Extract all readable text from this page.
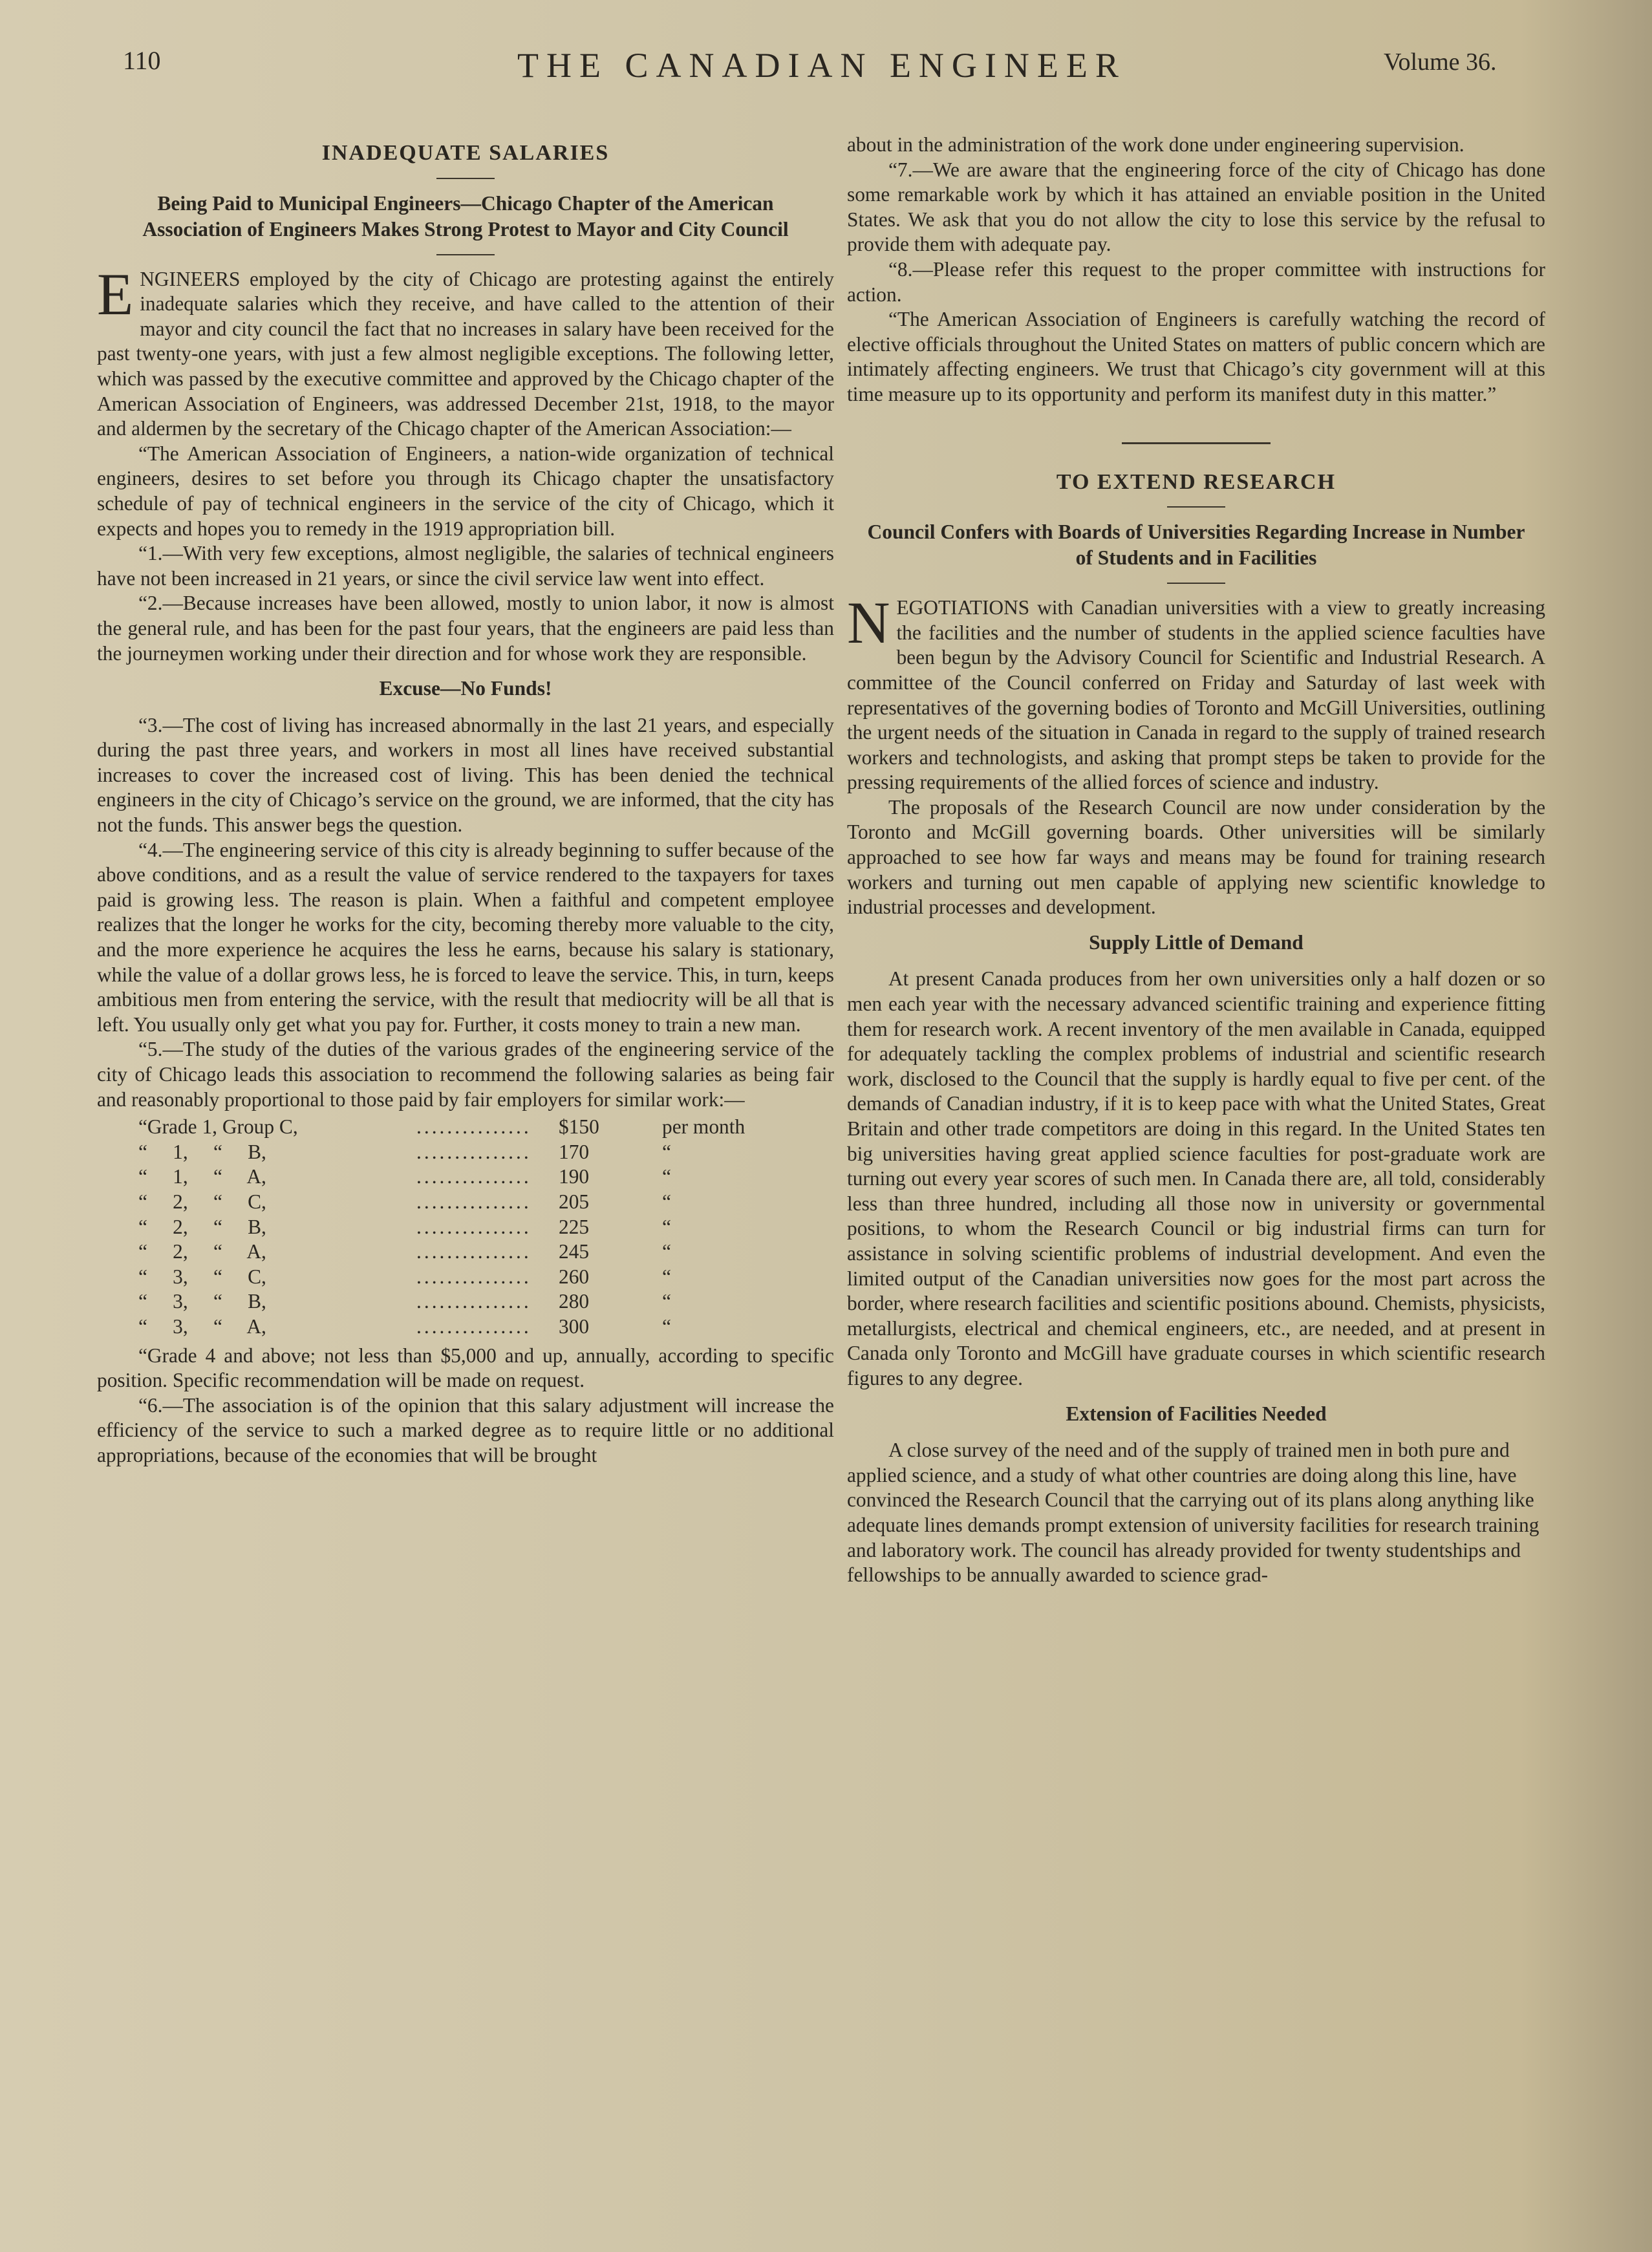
110	THE CANADIAN ENGINEER	Volume 36.
INADEQUATE SALARIES
Being Paid to Municipal Engineers—Chicago Chapter of the American Association of Engineers Makes Strong Protest to Mayor and City Council

ENGINEERS employed by the city of Chicago are protesting against the entirely inadequate salaries which they receive, and have called to the attention of their mayor and city council the fact that no increases in salary have been received for the past twenty-one years, with just a few almost negligible exceptions. The following letter, which was passed by the executive committee and approved by the Chicago chapter of the American Association of Engineers, was addressed December 21st, 1918, to the mayor and aldermen by the secretary of the Chicago chapter of the American Association:—

“The American Association of Engineers, a nation-wide organization of technical engineers, desires to set before you through its Chicago chapter the unsatisfactory schedule of pay of technical engineers in the service of the city of Chicago, which it expects and hopes you to remedy in the 1919 appropriation bill.

“1.—With very few exceptions, almost negligible, the salaries of technical engineers have not been increased in 21 years, or since the civil service law went into effect.

“2.—Because increases have been allowed, mostly to union labor, it now is almost the general rule, and has been for the past four years, that the engineers are paid less than the journeymen working under their direction and for whose work they are responsible.

Excuse—No Funds!

“3.—The cost of living has increased abnormally in the last 21 years, and especially during the past three years, and workers in most all lines have received substantial increases to cover the increased cost of living. This has been denied the technical engineers in the city of Chicago’s service on the ground, we are informed, that the city has not the funds. This answer begs the question.

“4.—The engineering service of this city is already beginning to suffer because of the above conditions, and as a result the value of service rendered to the taxpayers for taxes paid is growing less. The reason is plain. When a faithful and competent employee realizes that the longer he works for the city, becoming thereby more valuable to the city, and the more experience he acquires the less he earns, because his salary is stationary, while the value of a dollar grows less, he is forced to leave the service. This, in turn, keeps ambitious men from entering the service, with the result that mediocrity will be all that is left. You usually only get what you pay for. Further, it costs money to train a new man.

“5.—The study of the duties of the various grades of the engineering service of the city of Chicago leads this association to recommend the following salaries as being fair and reasonably proportional to those paid by fair employers for similar work:—

“Grade 1, Group C,	...............	$150	per month
“     1,     “     B,	...............	170	“
“     1,     “     A,	...............	190	“
“     2,     “     C,	...............	205	“
“     2,     “     B,	...............	225	“
“     2,     “     A,	...............	245	“
“     3,     “     C,	...............	260	“
“     3,     “     B,	...............	280	“
“     3,     “     A,	...............	300	“

“Grade 4 and above; not less than $5,000 and up, annually, according to specific position. Specific recommendation will be made on request.

“6.—The association is of the opinion that this salary adjustment will increase the efficiency of the service to such a marked degree as to require little or no additional appropriations, because of the economies that will be brought

about in the administration of the work done under engineering supervision.

“7.—We are aware that the engineering force of the city of Chicago has done some remarkable work by which it has attained an enviable position in the United States. We ask that you do not allow the city to lose this service by the refusal to provide them with adequate pay.

“8.—Please refer this request to the proper committee with instructions for action.

“The American Association of Engineers is carefully watching the record of elective officials throughout the United States on matters of public concern which are intimately affecting engineers. We trust that Chicago’s city government will at this time measure up to its opportunity and perform its manifest duty in this matter.”

TO EXTEND RESEARCH
Council Confers with Boards of Universities Regarding Increase in Number of Students and in Facilities

NEGOTIATIONS with Canadian universities with a view to greatly increasing the facilities and the number of students in the applied science faculties have been begun by the Advisory Council for Scientific and Industrial Research. A committee of the Council conferred on Friday and Saturday of last week with representatives of the governing bodies of Toronto and McGill Universities, outlining the urgent needs of the situation in Canada in regard to the supply of trained research workers and technologists, and asking that prompt steps be taken to provide for the pressing requirements of the allied forces of science and industry.

The proposals of the Research Council are now under consideration by the Toronto and McGill governing boards. Other universities will be similarly approached to see how far ways and means may be found for training research workers and turning out men capable of applying new scientific knowledge to industrial processes and development.

Supply Little of Demand

At present Canada produces from her own universities only a half dozen or so men each year with the necessary advanced scientific training and experience fitting them for research work. A recent inventory of the men available in Canada, equipped for adequately tackling the complex problems of industrial and scientific research work, disclosed to the Council that the supply is hardly equal to five per cent. of the demands of Canadian industry, if it is to keep pace with what the United States, Great Britain and other trade competitors are doing in this regard. In the United States ten big universities having great applied science faculties for post-graduate work are turning out every year scores of such men. In Canada there are, all told, considerably less than three hundred, including all those now in university or governmental positions, to whom the Research Council or big industrial firms can turn for assistance in solving scientific problems of industrial development. And even the limited output of the Canadian universities now goes for the most part across the border, where research facilities and scientific positions abound. Chemists, physicists, metallurgists, electrical and chemical engineers, etc., are needed, and at present in Canada only Toronto and McGill have graduate courses in which scientific research figures to any degree.

Extension of Facilities Needed

A close survey of the need and of the supply of trained men in both pure and applied science, and a study of what other countries are doing along this line, have convinced the Research Council that the carrying out of its plans along anything like adequate lines demands prompt extension of university facilities for research training and laboratory work. The council has already provided for twenty studentships and fellowships to be annually awarded to science grad-
